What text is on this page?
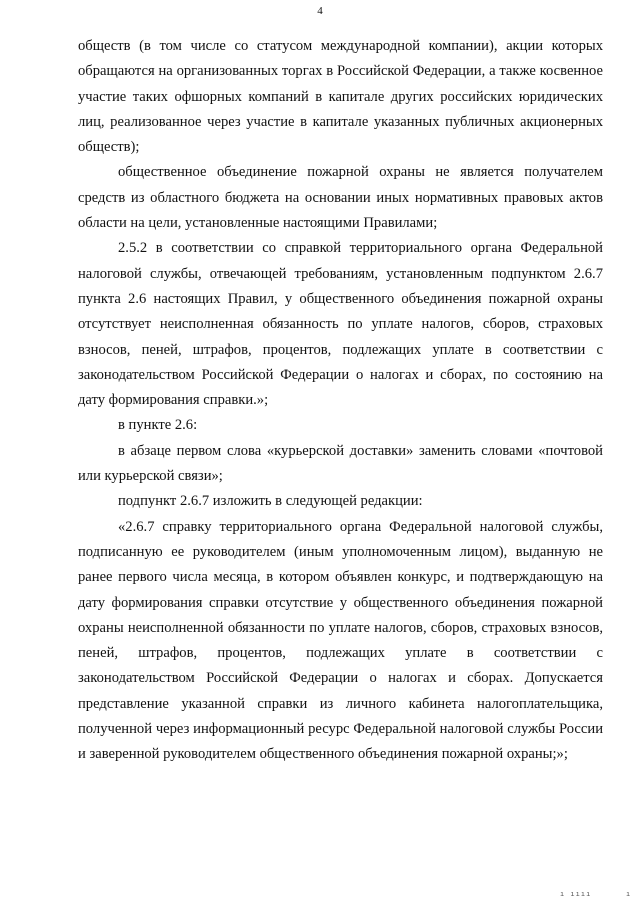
4

обществ (в том числе со статусом международной компании), акции которых обращаются на организованных торгах в Российской Федерации, а также косвенное участие таких офшорных компаний в капитале других российских юридических лиц, реализованное через участие в капитале указанных публичных акционерных обществ);

общественное объединение пожарной охраны не является получателем средств из областного бюджета на основании иных нормативных правовых актов области на цели, установленные настоящими Правилами;

2.5.2 в соответствии со справкой территориального органа Федеральной налоговой службы, отвечающей требованиям, установленным подпунктом 2.6.7 пункта 2.6 настоящих Правил, у общественного объединения пожарной охраны отсутствует неисполненная обязанность по уплате налогов, сборов, страховых взносов, пеней, штрафов, процентов, подлежащих уплате в соответствии с законодательством Российской Федерации о налогах и сборах, по состоянию на дату формирования справки.»;

в пункте 2.6:

в абзаце первом слова «курьерской доставки» заменить словами «почтовой или курьерской связи»;

подпункт 2.6.7 изложить в следующей редакции:

«2.6.7 справку территориального органа Федеральной налоговой службы, подписанную ее руководителем (иным уполномоченным лицом), выданную не ранее первого числа месяца, в котором объявлен конкурс, и подтверждающую на дату формирования справки отсутствие у общественного объединения пожарной охраны неисполненной обязанности по уплате налогов, сборов, страховых взносов, пеней, штрафов, процентов, подлежащих уплате в соответствии с законодательством Российской Федерации о налогах и сборах. Допускается представление указанной справки из личного кабинета налогоплательщика, полученной через информационный ресурс Федеральной налоговой службы России и заверенной руководителем общественного объединения пожарной охраны;»;

ı ıııı	ı
